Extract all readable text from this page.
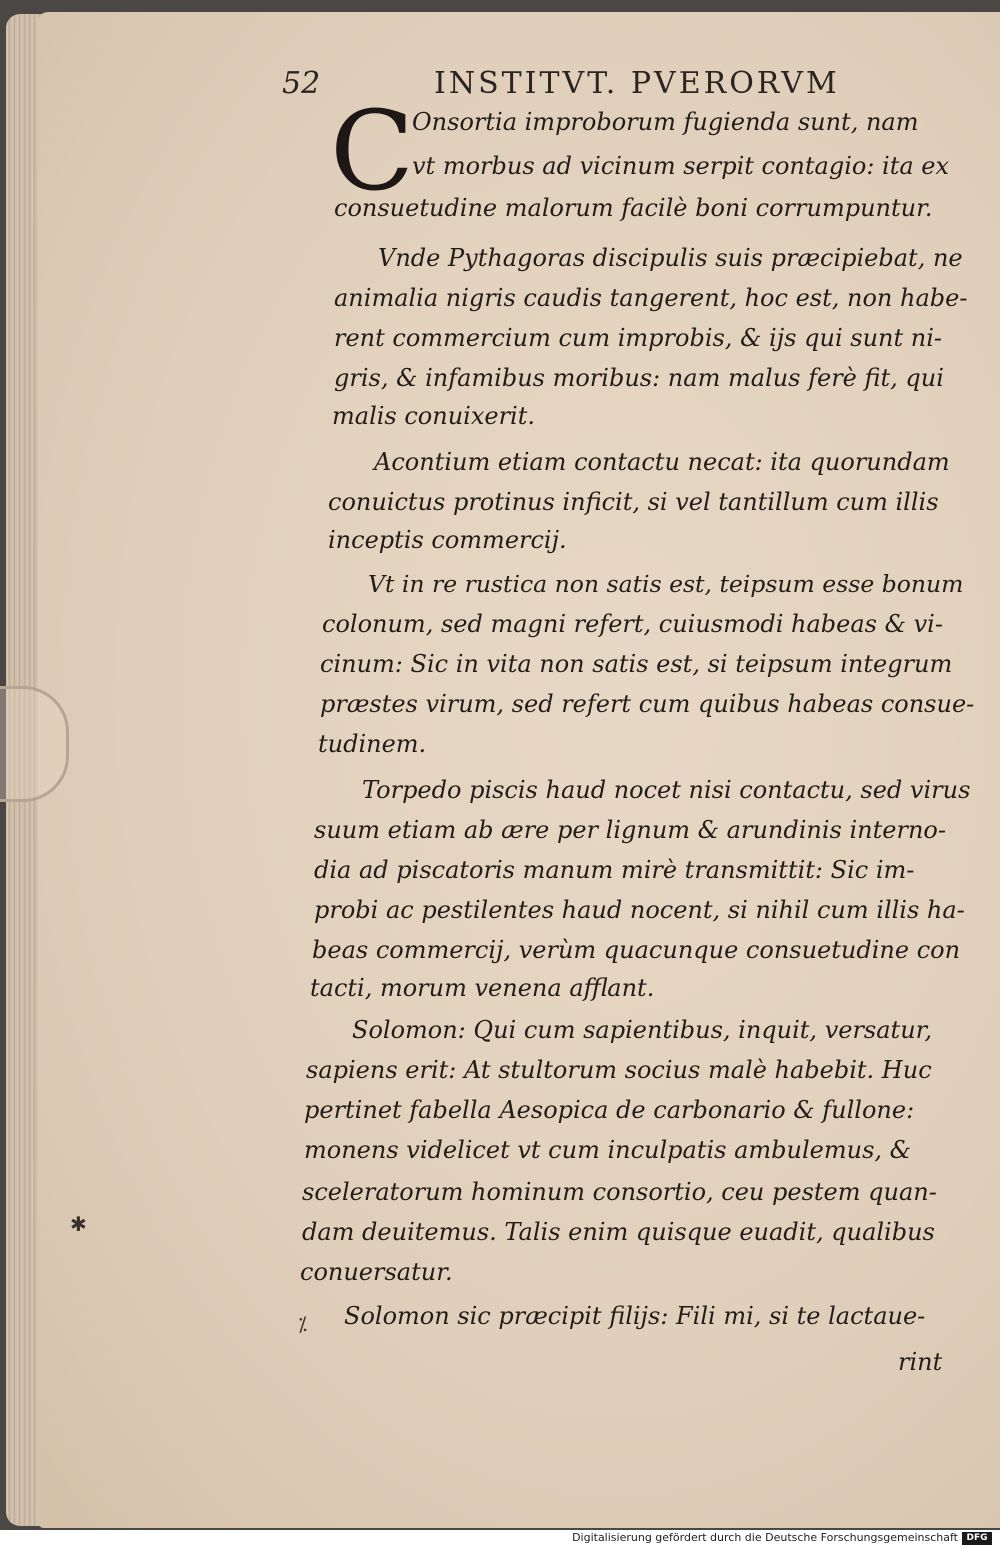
52	INSTITVT. PVERORVM
C
Onsortia improborum fugienda sunt, nam
vt morbus ad vicinum serpit contagio: ita ex
consuetudine malorum facilè boni corrumpuntur.
Vnde Pythagoras discipulis suis præcipiebat, ne
animalia nigris caudis tangerent, hoc est, non habe-
rent commercium cum improbis, & ijs qui sunt ni-
gris, & infamibus moribus: nam malus ferè fit, qui
malis conuixerit.
Acontium etiam contactu necat: ita quorundam
conuictus protinus inficit, si vel tantillum cum illis
inceptis commercij.
Vt in re rustica non satis est, teipsum esse bonum
colonum, sed magni refert, cuiusmodi habeas & vi-
cinum: Sic in vita non satis est, si teipsum integrum
præstes virum, sed refert cum quibus habeas consue-
tudinem.
Torpedo piscis haud nocet nisi contactu, sed virus
suum etiam ab ære per lignum & arundinis interno-
dia ad piscatoris manum mirè transmittit: Sic im-
probi ac pestilentes haud nocent, si nihil cum illis ha-
beas commercij, verùm quacunque consuetudine con
tacti, morum venena afflant.
Solomon: Qui cum sapientibus, inquit, versatur,
sapiens erit: At stultorum socius malè habebit. Huc
pertinet fabella Aesopica de carbonario & fullone:
monens videlicet vt cum inculpatis ambulemus, &
sceleratorum hominum consortio, ceu pestem quan-
dam deuitemus. Talis enim quisque euadit, qualibus
conuersatur.
Solomon sic præcipit filijs: Fili mi, si te lactaue-
rint
⁒
✱
Digitalisierung gefördert durch die Deutsche Forschungsgemeinschaft DFG
